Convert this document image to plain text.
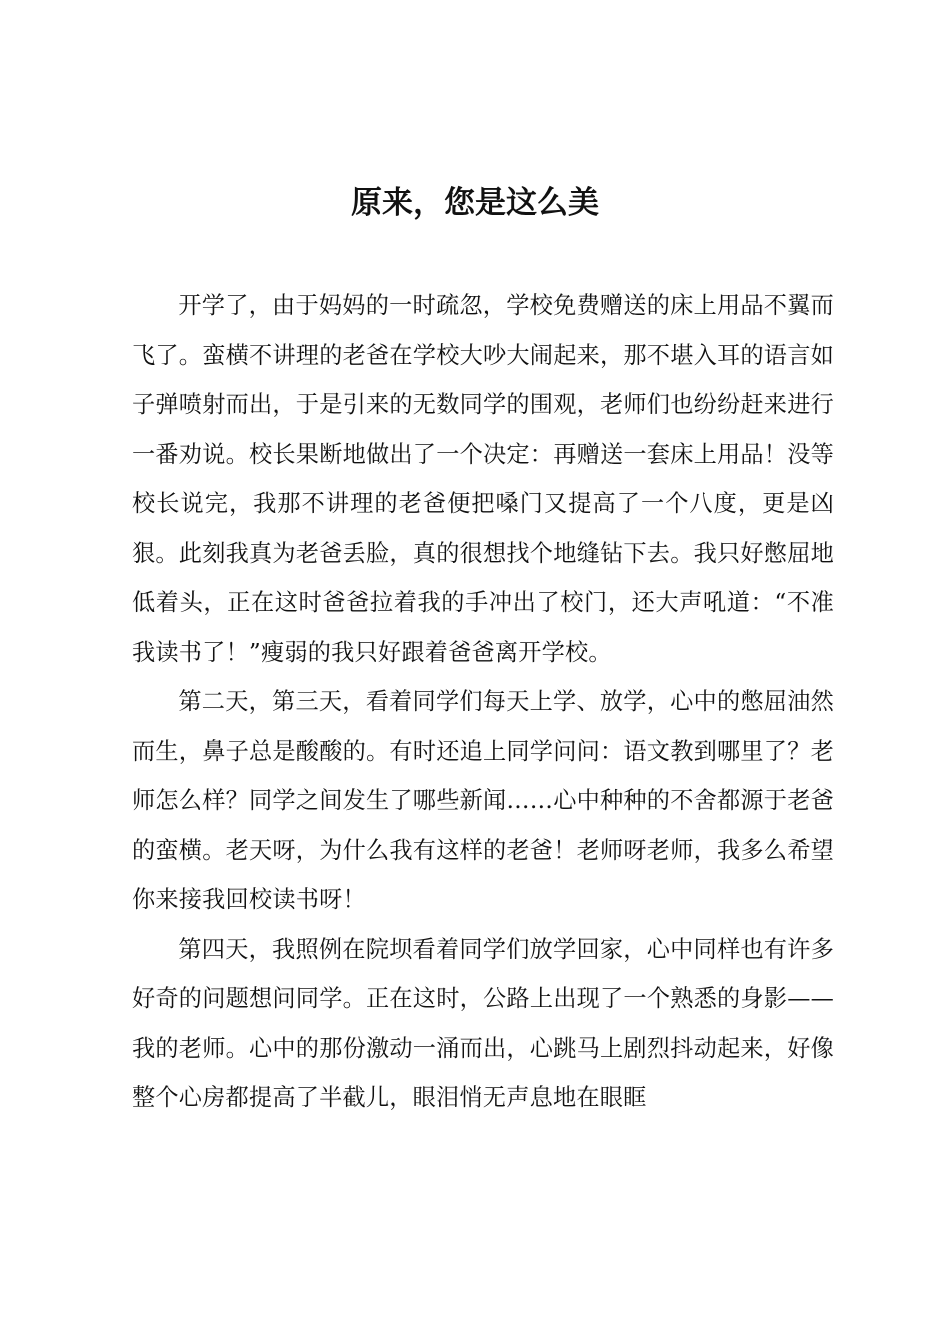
原来，您是这么美

开学了，由于妈妈的一时疏忽，学校免费赠送的床上用品不翼而飞了。蛮横不讲理的老爸在学校大吵大闹起来，那不堪入耳的语言如子弹喷射而出，于是引来的无数同学的围观，老师们也纷纷赶来进行一番劝说。校长果断地做出了一个决定：再赠送一套床上用品！没等校长说完，我那不讲理的老爸便把嗓门又提高了一个八度，更是凶狠。此刻我真为老爸丢脸，真的很想找个地缝钻下去。我只好憋屈地低着头，正在这时爸爸拉着我的手冲出了校门，还大声吼道：“不准我读书了！”瘦弱的我只好跟着爸爸离开学校。

第二天，第三天，看着同学们每天上学、放学，心中的憋屈油然而生，鼻子总是酸酸的。有时还追上同学问问：语文教到哪里了？老师怎么样？同学之间发生了哪些新闻……心中种种的不舍都源于老爸的蛮横。老天呀，为什么我有这样的老爸！老师呀老师，我多么希望你来接我回校读书呀！

第四天，我照例在院坝看着同学们放学回家，心中同样也有许多好奇的问题想问同学。正在这时，公路上出现了一个熟悉的身影——我的老师。心中的那份激动一涌而出，心跳马上剧烈抖动起来，好像整个心房都提高了半截儿，眼泪悄无声息地在眼眶
